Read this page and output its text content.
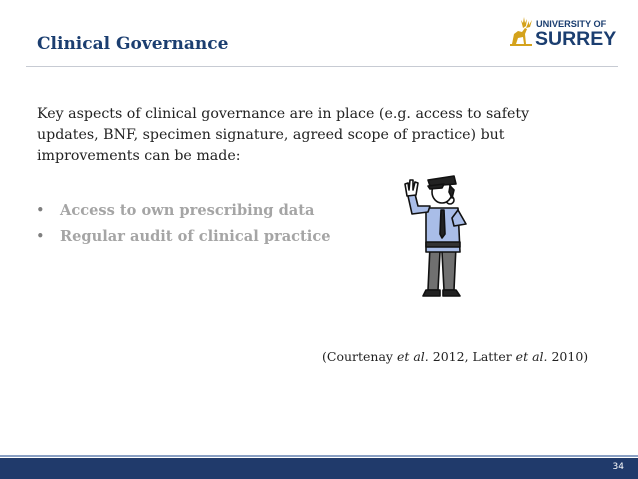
Clinical Governance
UNIVERSITY OF
SURREY
Key aspects of clinical governance are in place (e.g. access to safety updates, BNF, specimen signature, agreed scope of practice) but improvements can be made:
• Access to own prescribing data
• Regular audit of clinical practice
(Courtenay et al. 2012, Latter et al. 2010)
34
